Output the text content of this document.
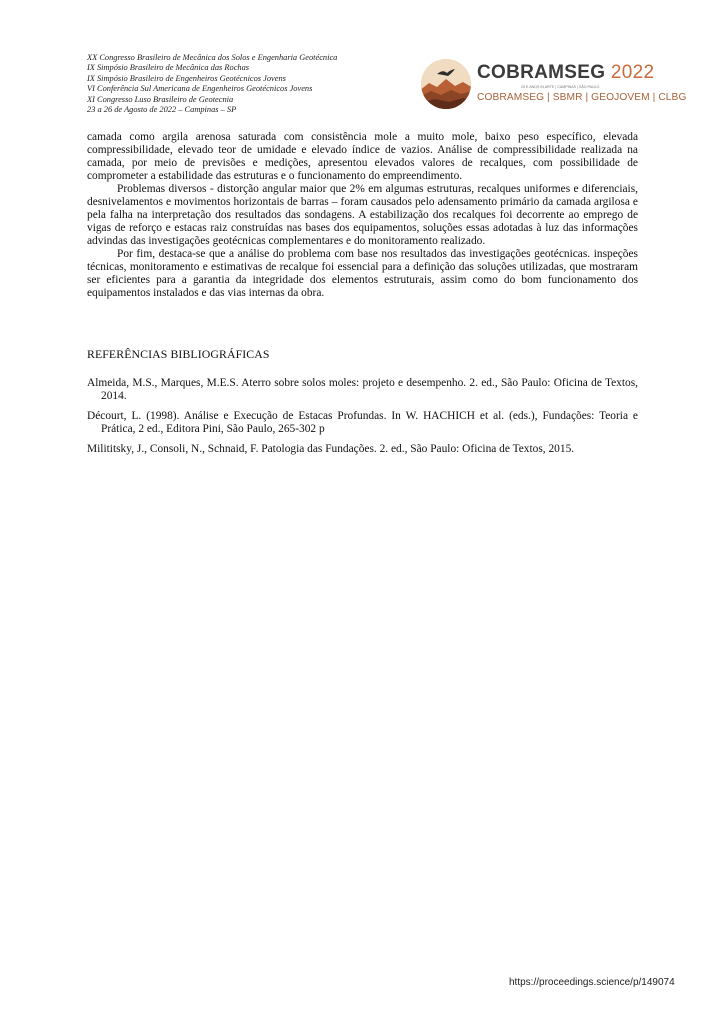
XX Congresso Brasileiro de Mecânica dos Solos e Engenharia Geotécnica
IX Simpósio Brasileiro de Mecânica das Rochas
IX Simpósio Brasileiro de Engenheiros Geotécnicos Jovens
VI Conferência Sul Americana de Engenheiros Geotécnicos Jovens
XI Congresso Luso Brasileiro de Geotecnia
23 a 26 de Agosto de 2022 – Campinas – SP
COBRAMSEG 2022
20 E ANOS IN ARTE | CAMPINAS | SÃO PAULO
COBRAMSEG | SBMR | GEOJOVEM | CLBG

camada como argila arenosa saturada com consistência mole a muito mole, baixo peso específico, elevada compressibilidade, elevado teor de umidade e elevado índice de vazios. Análise de compressibilidade realizada na camada, por meio de previsões e medições, apresentou elevados valores de recalques, com possibilidade de comprometer a estabilidade das estruturas e o funcionamento do empreendimento.

Problemas diversos - distorção angular maior que 2% em algumas estruturas, recalques uniformes e diferenciais, desnivelamentos e movimentos horizontais de barras – foram causados pelo adensamento primário da camada argilosa e pela falha na interpretação dos resultados das sondagens. A estabilização dos recalques foi decorrente ao emprego de vigas de reforço e estacas raiz construídas nas bases dos equipamentos, soluções essas adotadas à luz das informações advindas das investigações geotécnicas complementares e do monitoramento realizado.

Por fim, destaca-se que a análise do problema com base nos resultados das investigações geotécnicas. inspeções técnicas, monitoramento e estimativas de recalque foi essencial para a definição das soluções utilizadas, que mostraram ser eficientes para a garantia da integridade dos elementos estruturais, assim como do bom funcionamento dos equipamentos instalados e das vias internas da obra.

REFERÊNCIAS BIBLIOGRÁFICAS
Almeida, M.S., Marques, M.E.S. Aterro sobre solos moles: projeto e desempenho. 2. ed., São Paulo: Oficina de Textos, 2014.
Décourt, L. (1998). Análise e Execução de Estacas Profundas. In W. HACHICH et al. (eds.), Fundações: Teoria e Prática, 2 ed., Editora Pini, São Paulo, 265-302 p
Milititsky, J., Consoli, N., Schnaid, F. Patologia das Fundações. 2. ed., São Paulo: Oficina de Textos, 2015.
https://proceedings.science/p/149074
